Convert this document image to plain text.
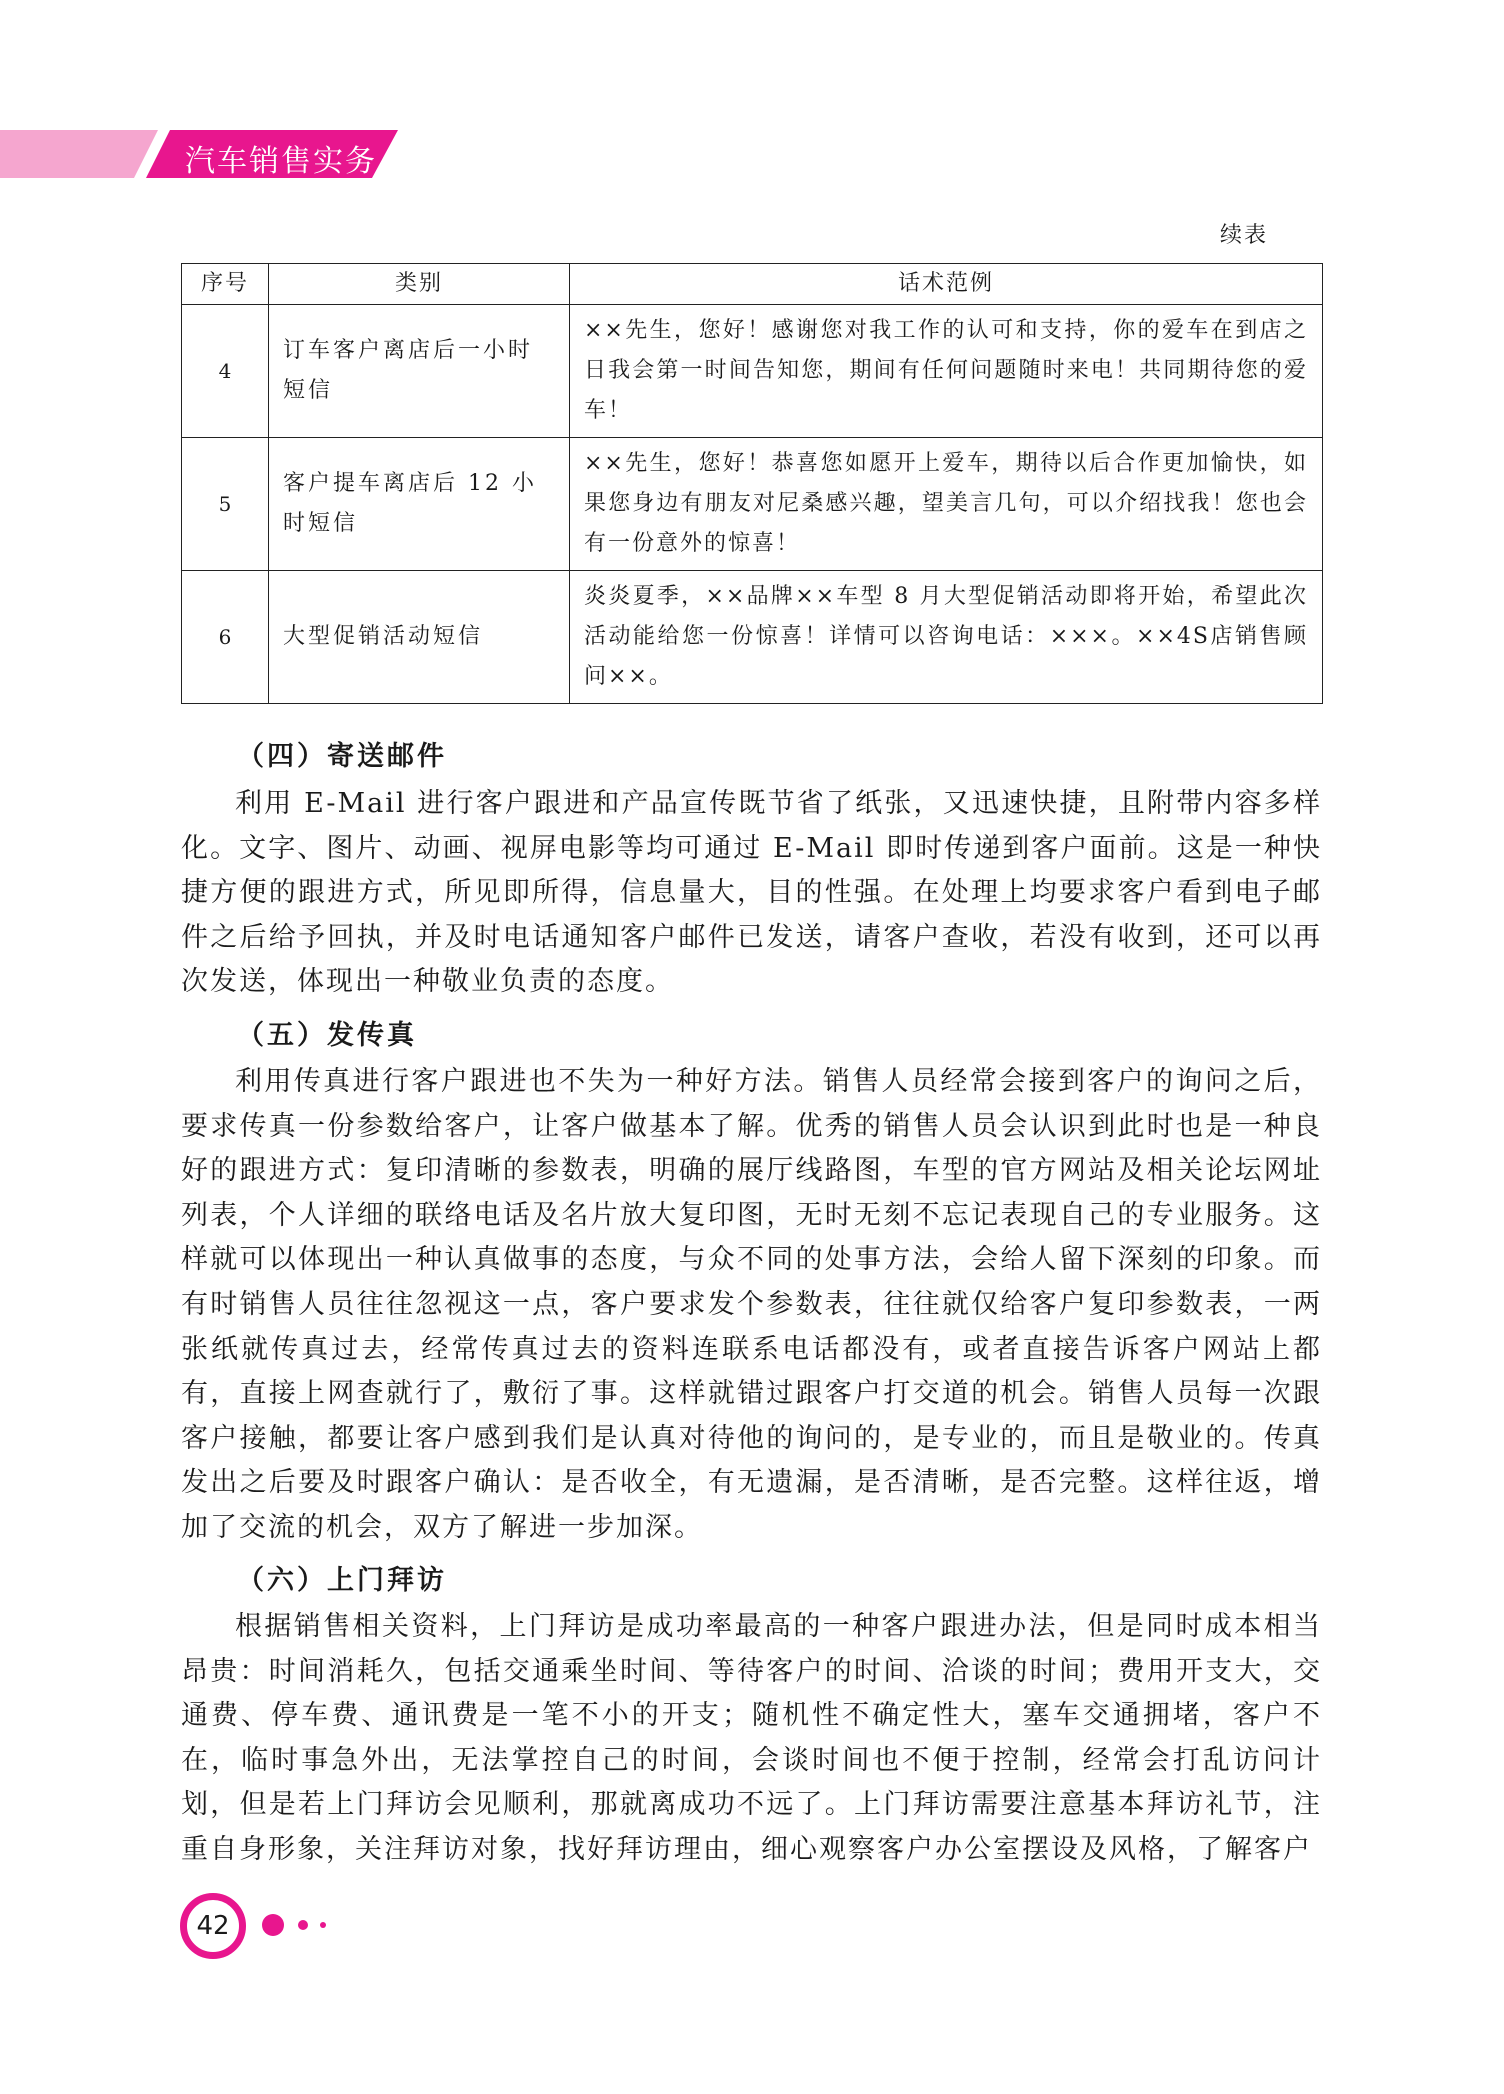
汽车销售实务
续表
序号	类别	话术范例
4	订车客户离店后一小时短信	××先生，您好！感谢您对我工作的认可和支持，你的爱车在到店之日我会第一时间告知您，期间有任何问题随时来电！共同期待您的爱车！
5	客户提车离店后 12 小时短信	××先生，您好！恭喜您如愿开上爱车，期待以后合作更加愉快，如果您身边有朋友对尼桑感兴趣，望美言几句，可以介绍找我！您也会有一份意外的惊喜！
6	大型促销活动短信	炎炎夏季，××品牌××车型 8 月大型促销活动即将开始，希望此次活动能给您一份惊喜！详情可以咨询电话：×××。××4S店销售顾问××。
（四）寄送邮件
利用 E-Mail 进行客户跟进和产品宣传既节省了纸张，又迅速快捷，且附带内容多样化。文字、图片、动画、视屏电影等均可通过 E-Mail 即时传递到客户面前。这是一种快捷方便的跟进方式，所见即所得，信息量大，目的性强。在处理上均要求客户看到电子邮件之后给予回执，并及时电话通知客户邮件已发送，请客户查收，若没有收到，还可以再次发送，体现出一种敬业负责的态度。
（五）发传真
利用传真进行客户跟进也不失为一种好方法。销售人员经常会接到客户的询问之后，要求传真一份参数给客户，让客户做基本了解。优秀的销售人员会认识到此时也是一种良好的跟进方式：复印清晰的参数表，明确的展厅线路图，车型的官方网站及相关论坛网址列表，个人详细的联络电话及名片放大复印图，无时无刻不忘记表现自己的专业服务。这样就可以体现出一种认真做事的态度，与众不同的处事方法，会给人留下深刻的印象。而有时销售人员往往忽视这一点，客户要求发个参数表，往往就仅给客户复印参数表，一两张纸就传真过去，经常传真过去的资料连联系电话都没有，或者直接告诉客户网站上都有，直接上网查就行了，敷衍了事。这样就错过跟客户打交道的机会。销售人员每一次跟客户接触，都要让客户感到我们是认真对待他的询问的，是专业的，而且是敬业的。传真发出之后要及时跟客户确认：是否收全，有无遗漏，是否清晰，是否完整。这样往返，增加了交流的机会，双方了解进一步加深。
（六）上门拜访
根据销售相关资料，上门拜访是成功率最高的一种客户跟进办法，但是同时成本相当昂贵：时间消耗久，包括交通乘坐时间、等待客户的时间、洽谈的时间；费用开支大，交通费、停车费、通讯费是一笔不小的开支；随机性不确定性大，塞车交通拥堵，客户不在，临时事急外出，无法掌控自己的时间，会谈时间也不便于控制，经常会打乱访问计划，但是若上门拜访会见顺利，那就离成功不远了。上门拜访需要注意基本拜访礼节，注重自身形象，关注拜访对象，找好拜访理由，细心观察客户办公室摆设及风格，了解客户
42
